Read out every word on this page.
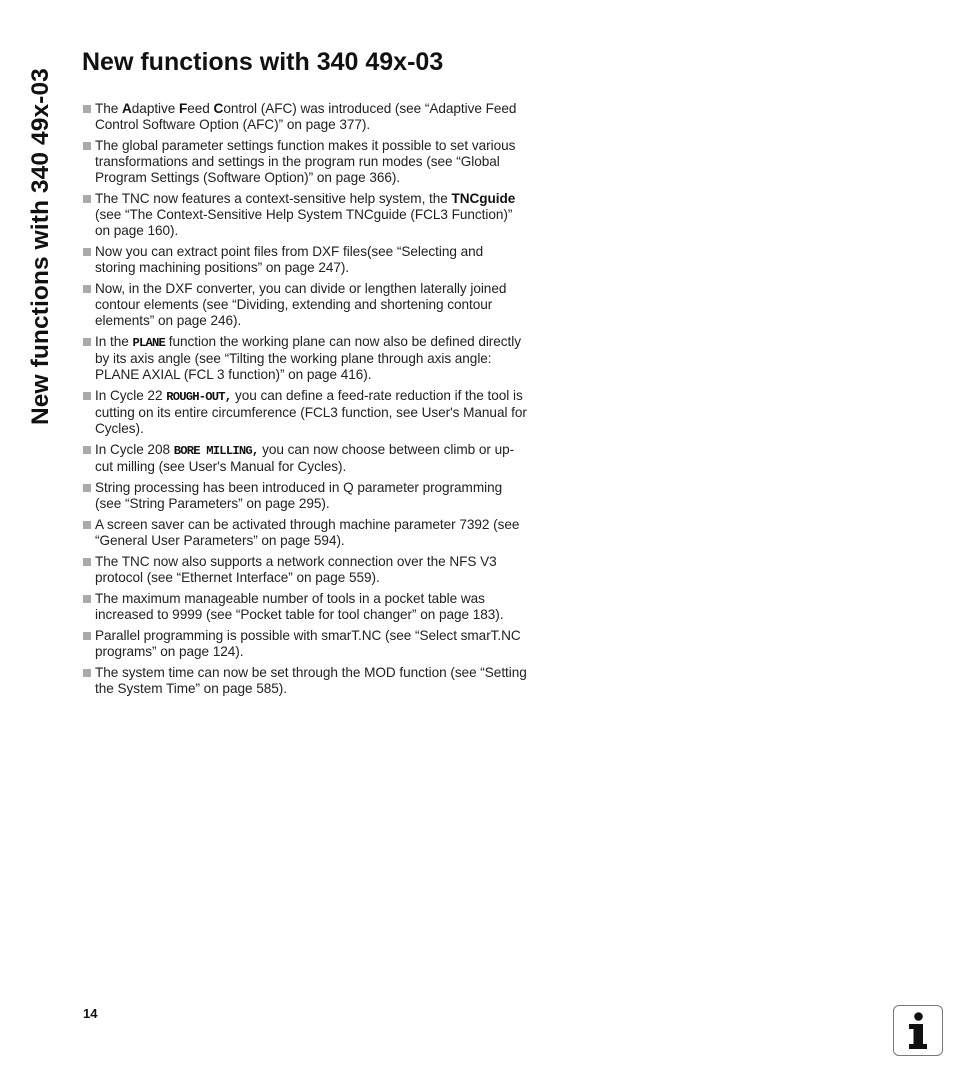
New functions with 340 49x-03
New functions with 340 49x-03
The Adaptive Feed Control (AFC) was introduced (see “Adaptive Feed Control Software Option (AFC)” on page 377).
The global parameter settings function makes it possible to set various transformations and settings in the program run modes (see “Global Program Settings (Software Option)” on page 366).
The TNC now features a context-sensitive help system, the TNCguide (see “The Context-Sensitive Help System TNCguide (FCL3 Function)” on page 160).
Now you can extract point files from DXF files(see “Selecting and storing machining positions” on page 247).
Now, in the DXF converter, you can divide or lengthen laterally joined contour elements (see “Dividing, extending and shortening contour elements” on page 246).
In the PLANE function the working plane can now also be defined directly by its axis angle (see “Tilting the working plane through axis angle: PLANE AXIAL (FCL 3 function)” on page 416).
In Cycle 22 ROUGH-OUT, you can define a feed-rate reduction if the tool is cutting on its entire circumference (FCL3 function, see User's Manual for Cycles).
In Cycle 208 BORE MILLING, you can now choose between climb or up-cut milling (see User's Manual for Cycles).
String processing has been introduced in Q parameter programming (see “String Parameters” on page 295).
A screen saver can be activated through machine parameter 7392 (see “General User Parameters” on page 594).
The TNC now also supports a network connection over the NFS V3 protocol (see “Ethernet Interface” on page 559).
The maximum manageable number of tools in a pocket table was increased to 9999 (see “Pocket table for tool changer” on page 183).
Parallel programming is possible with smarT.NC (see “Select smarT.NC programs” on page 124).
The system time can now be set through the MOD function (see “Setting the System Time” on page 585).
14
